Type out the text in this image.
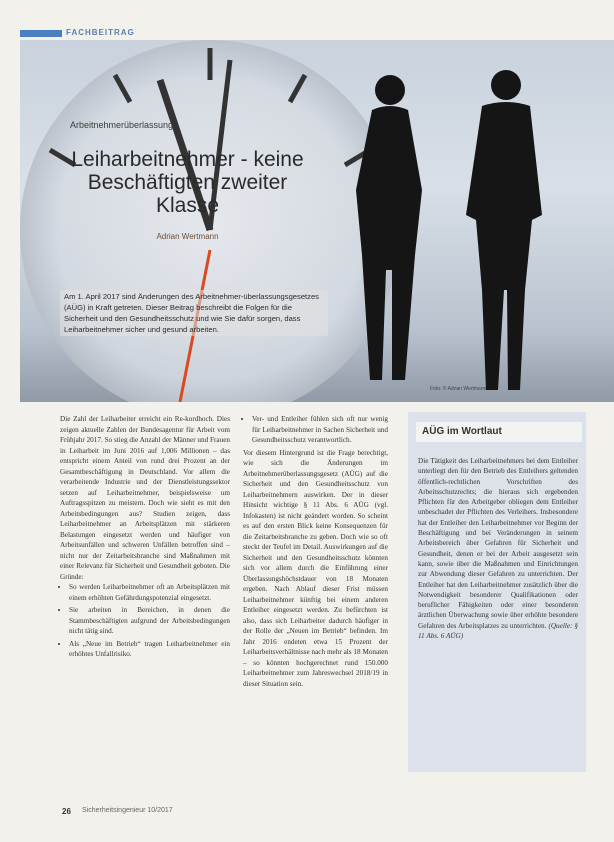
FACHBEITRAG
Arbeitnehmerüberlassung
Leiharbeitnehmer - keine Beschäftigten zweiter Klasse
Adrian Wertmann
Am 1. April 2017 sind Änderungen des Arbeitnehmer-überlassungsgesetzes (AÜG) in Kraft getreten. Dieser Beitrag beschreibt die Folgen für die Sicherheit und den Gesundheitsschutz und wie Sie dafür sorgen, dass Leiharbeitnehmer sicher und gesund arbeiten.
Foto: © Adrian Wertmann

Die Zahl der Leiharbeiter erreicht ein Re-kordhoch. Dies zeigen aktuelle Zahlen der Bundesagentur für Arbeit vom Frühjahr 2017. So stieg die Anzahl der Männer und Frauen in Leiharbeit im Juni 2016 auf 1,006 Millionen – das entspricht einem Anteil von rund drei Prozent an der Gesamtbeschäftigung in Deutschland. Vor allem die verarbeitende Industrie und der Dienstleistungssektor setzen auf Leiharbeitnehmer, beispielsweise um Auftragsspitzen zu meistern. Doch wie sieht es mit den Arbeitsbedingungen aus? Studien zeigen, dass Leiharbeitnehmer an Arbeitsplätzen mit stärkeren Belastungen eingesetzt werden und häufiger von Arbeitsunfällen und schweren Unfällen betroffen sind – nicht nur der Zeitarbeitsbranche sind Maßnahmen mit einer Relevanz für Sicherheit und Gesundheit geboten. Die Gründe:

• So werden Leiharbeitnehmer oft an Arbeitsplätzen mit einem erhöhten Gefährdungspotenzial eingesetzt.
• Sie arbeiten in Bereichen, in denen die Stammbeschäftigten aufgrund der Arbeitsbedingungen nicht tätig sind.
• Als „Neue im Betrieb“ tragen Leiharbeitnehmer ein erhöhtes Unfallrisiko.
• Ver- und Entleiher fühlen sich oft nur wenig für Leiharbeitnehmer in Sachen Sicherheit und Gesundheitsschutz verantwortlich.

Vor diesem Hintergrund ist die Frage berechtigt, wie sich die Änderungen im Arbeitnehmerüberlassungsgesetz (AÜG) auf die Sicherheit und den Gesundheitsschutz von Leiharbeitnehmern auswirken. Der in dieser Hinsicht wichtige § 11 Abs. 6 AÜG (vgl. Infokasten) ist nicht geändert worden. So scheint es auf den ersten Blick keine Konsequenzen für die Zeitarbeitsbranche zu geben. Doch wie so oft steckt der Teufel im Detail. Auswirkungen auf die Sicherheit und den Gesundheitsschutz könnten sich vor allem durch die Einführung einer Überlassungshöchstdauer von 18 Monaten ergeben. Nach Ablauf dieser Frist müssen Leiharbeitnehmer künftig bei einem anderen Entleiher eingesetzt werden. Zu befürchten ist also, dass sich Leiharbeiter dadurch häufiger in der Rolle der „Neuen im Betrieb“ befinden. Im Jahr 2016 endeten etwa 15 Prozent der Leiharbeitsverhältnisse nach mehr als 18 Monaten – so könnten hochgerechnet rund 150.000 Leiharbeitnehmer zum Jahreswechsel 2018/19 in dieser Situation sein.

AÜG im Wortlaut
Die Tätigkeit des Leiharbeitnehmers bei dem Entleiher unterliegt den für den Betrieb des Entleihers geltenden öffentlich-rechtlichen Vorschriften des Arbeitsschutzrechts; die hieraus sich ergebenden Pflichten für den Arbeitgeber obliegen dem Entleiher unbeschadet der Pflichten des Verleihers. Insbesondere hat der Entleiher den Leiharbeitnehmer vor Beginn der Beschäftigung und bei Veränderungen in seinem Arbeitsbereich über Gefahren für Sicherheit und Gesundheit, denen er bei der Arbeit ausgesetzt sein kann, sowie über die Maßnahmen und Einrichtungen zur Abwendung dieser Gefahren zu unterrichten. Der Entleiher hat den Leiharbeitnehmer zusätzlich über die Notwendigkeit besonderer Qualifikationen oder beruflicher Fähigkeiten oder einer besonderen ärztlichen Überwachung sowie über erhöhte besondere Gefahren des Arbeitsplatzes zu unterrichten. (Quelle: § 11 Abs. 6 AÜG)
26 Sicherheitsingenieur 10/2017
